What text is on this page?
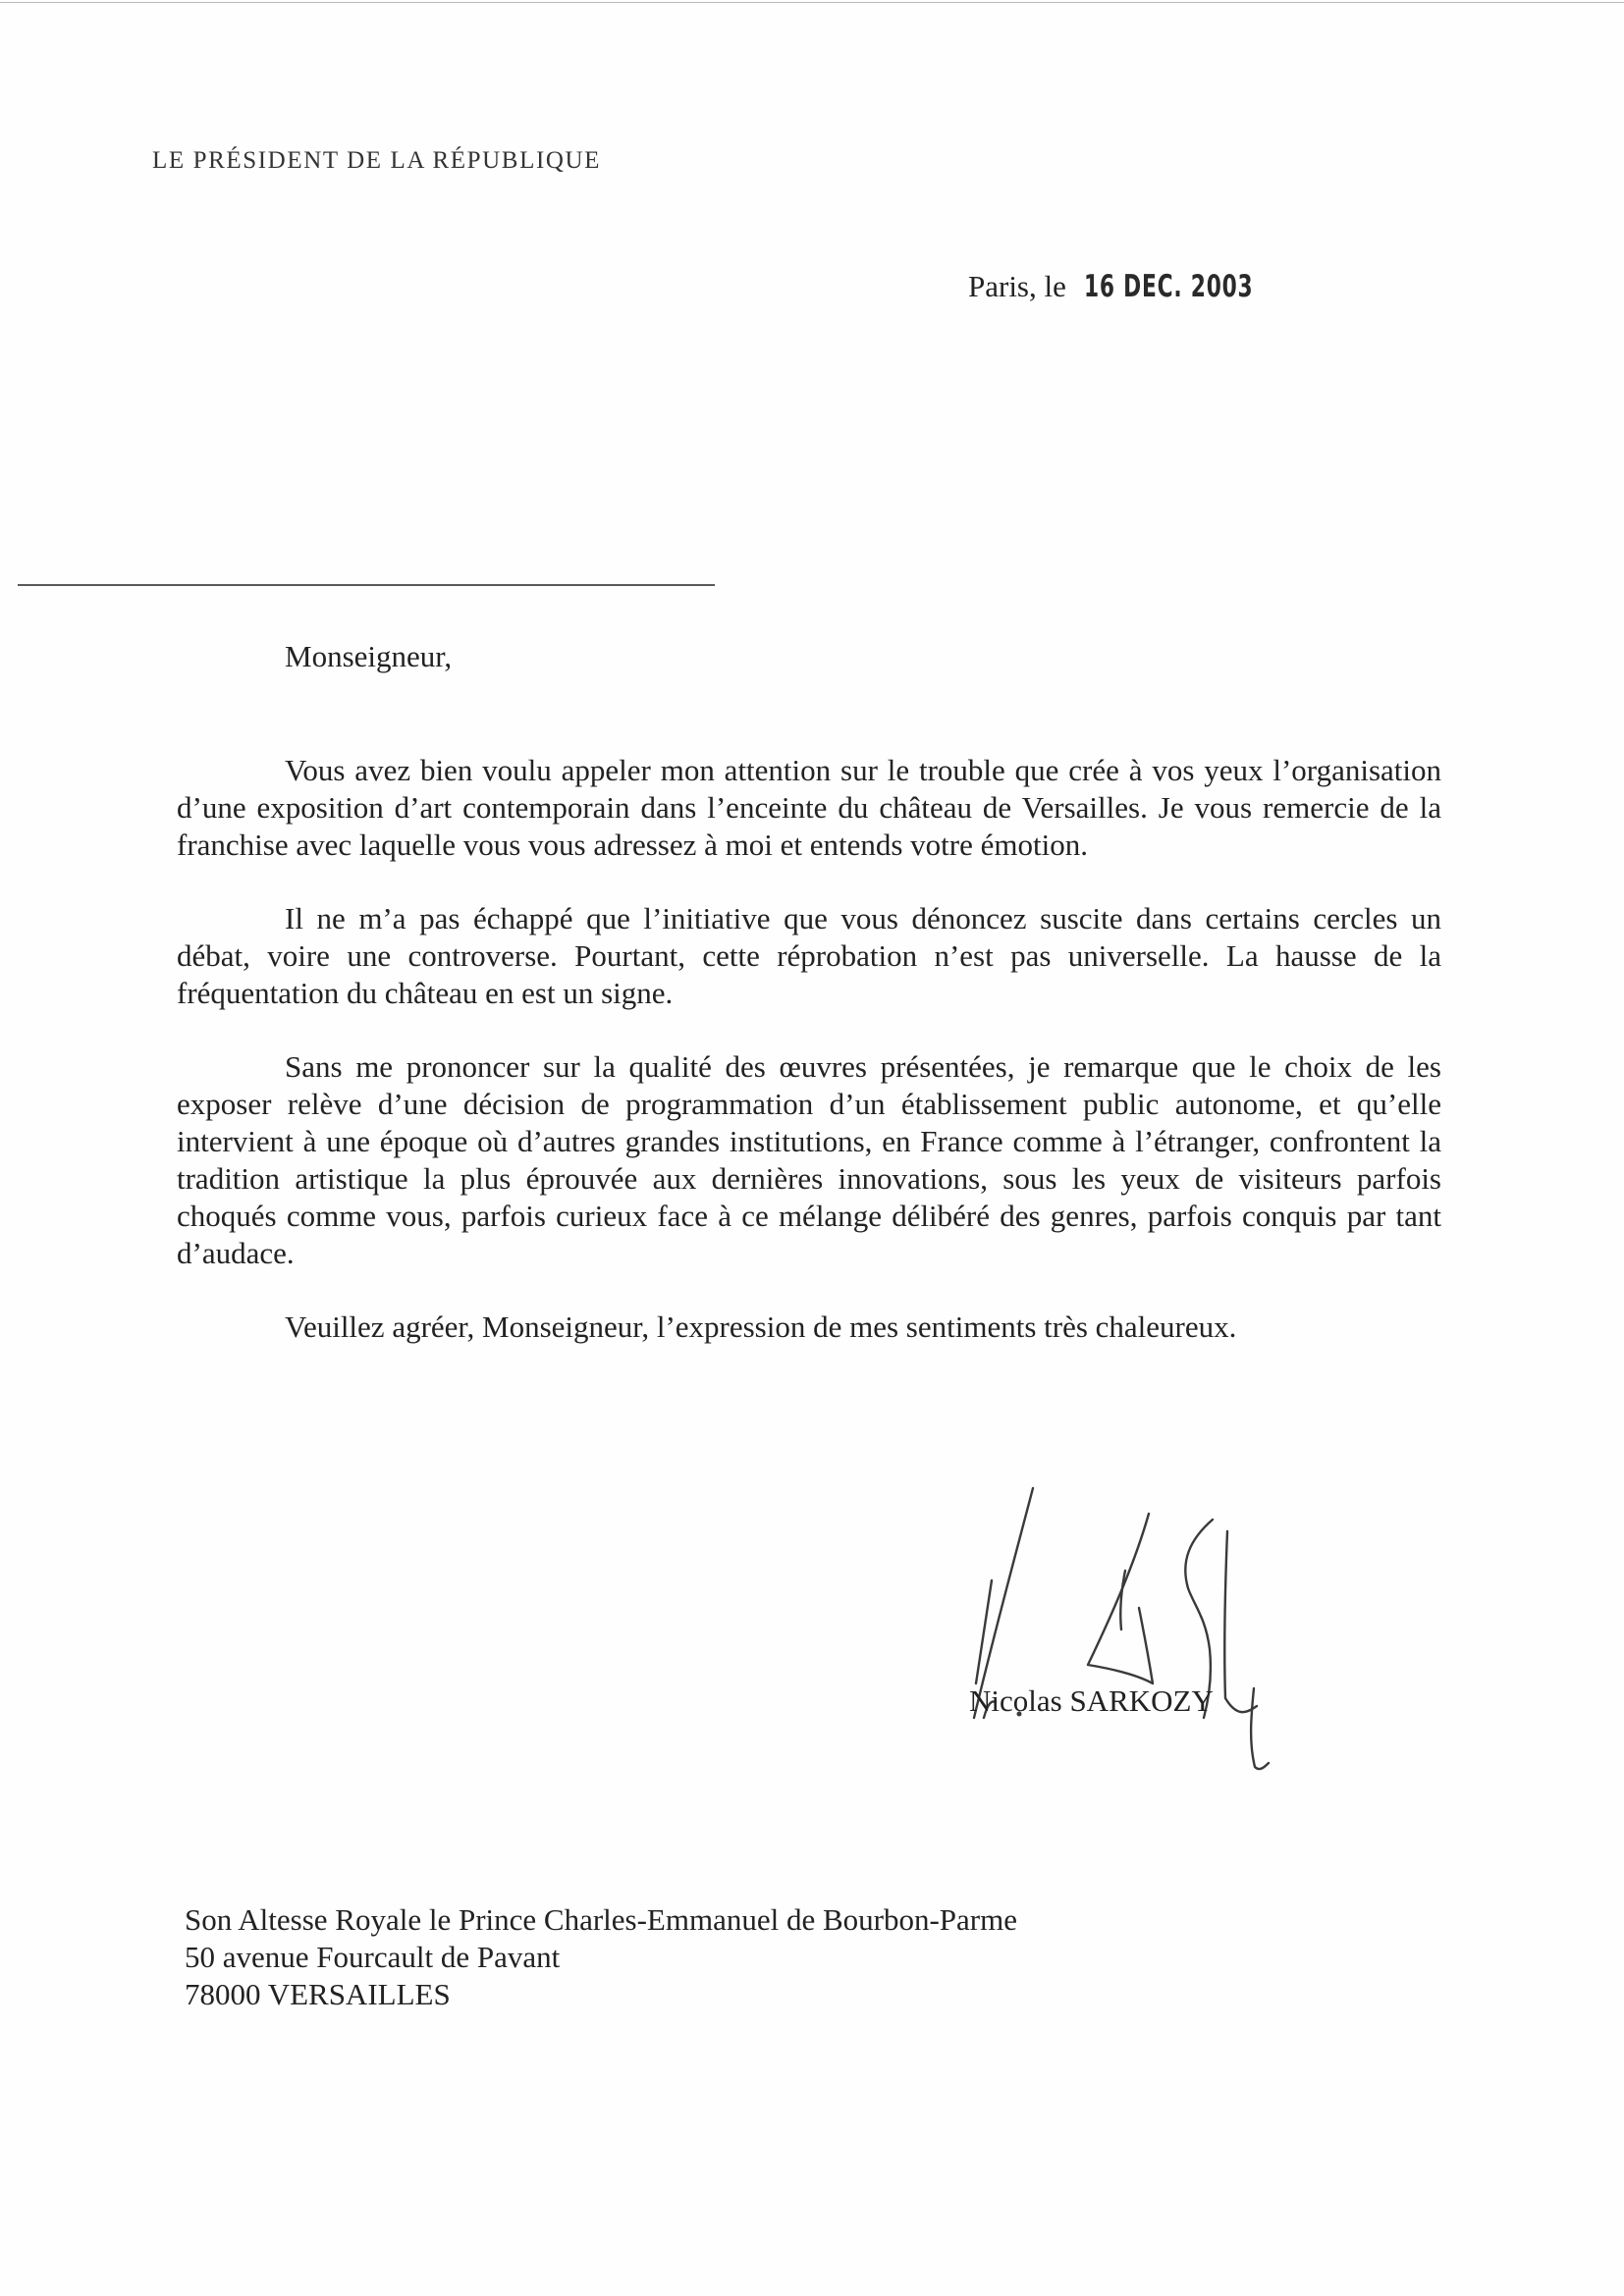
LE PRÉSIDENT DE LA RÉPUBLIQUE
Paris, le 16 DEC. 2003
Monseigneur,

Vous avez bien voulu appeler mon attention sur le trouble que crée à vos yeux l’organisation d’une exposition d’art contemporain dans l’enceinte du château de Versailles. Je vous remercie de la franchise avec laquelle vous vous adressez à moi et entends votre émotion.

Il ne m’a pas échappé que l’initiative que vous dénoncez suscite dans certains cercles un débat, voire une controverse. Pourtant, cette réprobation n’est pas universelle. La hausse de la fréquentation du château en est un signe.

Sans me prononcer sur la qualité des œuvres présentées, je remarque que le choix de les exposer relève d’une décision de programmation d’un établissement public autonome, et qu’elle intervient à une époque où d’autres grandes institutions, en France comme à l’étranger, confrontent la tradition artistique la plus éprouvée aux dernières innovations, sous les yeux de visiteurs parfois choqués comme vous, parfois curieux face à ce mélange délibéré des genres, parfois conquis par tant d’audace.

Veuillez agréer, Monseigneur, l’expression de mes sentiments très chaleureux.

Nicolas SARKOZY
Son Altesse Royale le Prince Charles-Emmanuel de Bourbon-Parme
50 avenue Fourcault de Pavant
78000 VERSAILLES
